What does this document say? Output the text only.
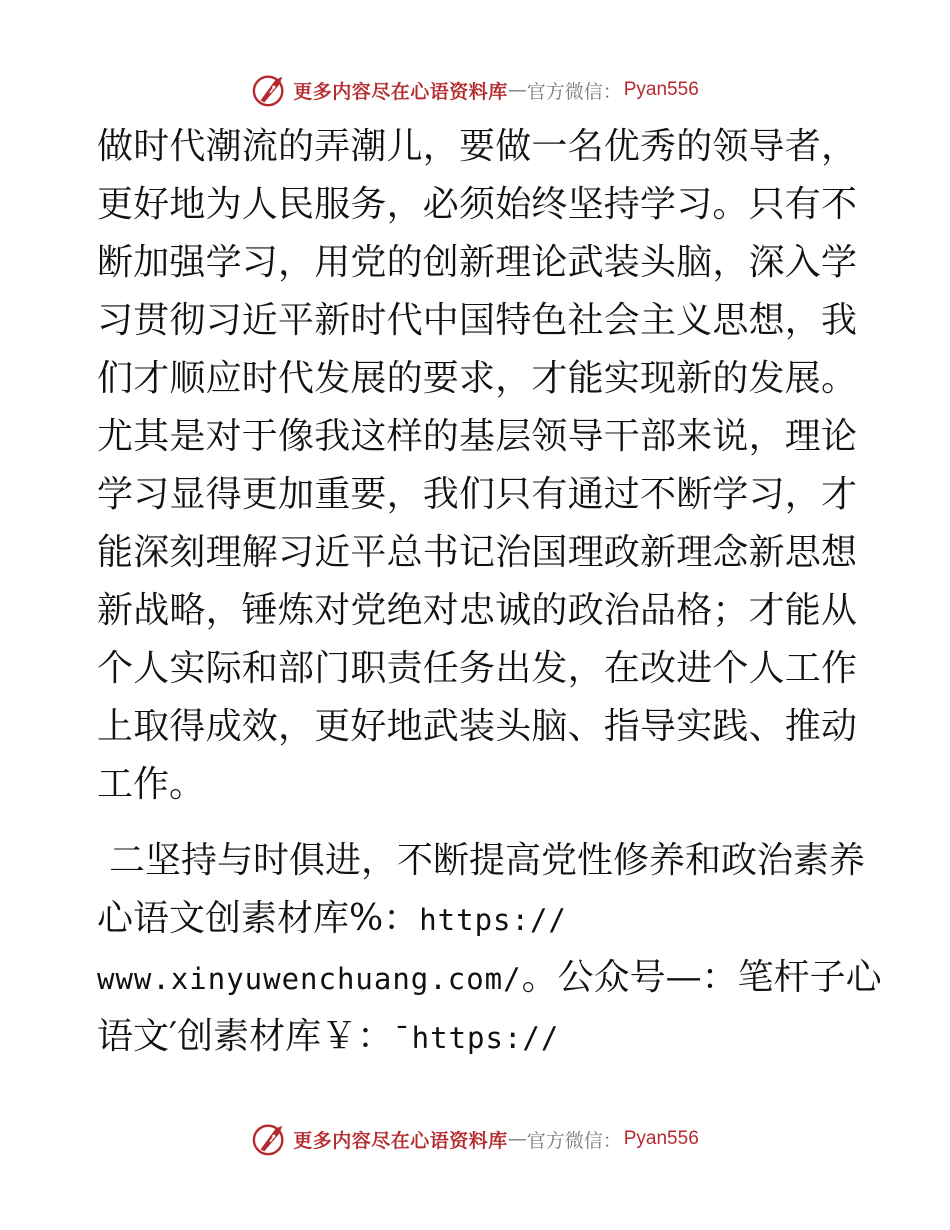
更多内容尽在心语资料库 — 官方微信： Pyan556

做时代潮流的弄潮儿，要做一名优秀的领导者，更好地为人民服务，必须始终坚持学习。只有不断加强学习，用党的创新理论武装头脑，深入学习贯彻习近平新时代中国特色社会主义思想，我们才顺应时代发展的要求，才能实现新的发展。尤其是对于像我这样的基层领导干部来说，理论学习显得更加重要，我们只有通过不断学习，才能深刻理解习近平总书记治国理政新理念新思想新战略，锤炼对党绝对忠诚的政治品格；才能从个人实际和部门职责任务出发，在改进个人工作上取得成效，更好地武装头脑、指导实践、推动工作。

二坚持与时俱进，不断提高党性修养和政治素养

心语文创素材库%：https://

www.xinyuwenchuang.com/。公众号—：笔杆子心

语文′创素材库￥：¯https://

更多内容尽在心语资料库 — 官方微信： Pyan556
